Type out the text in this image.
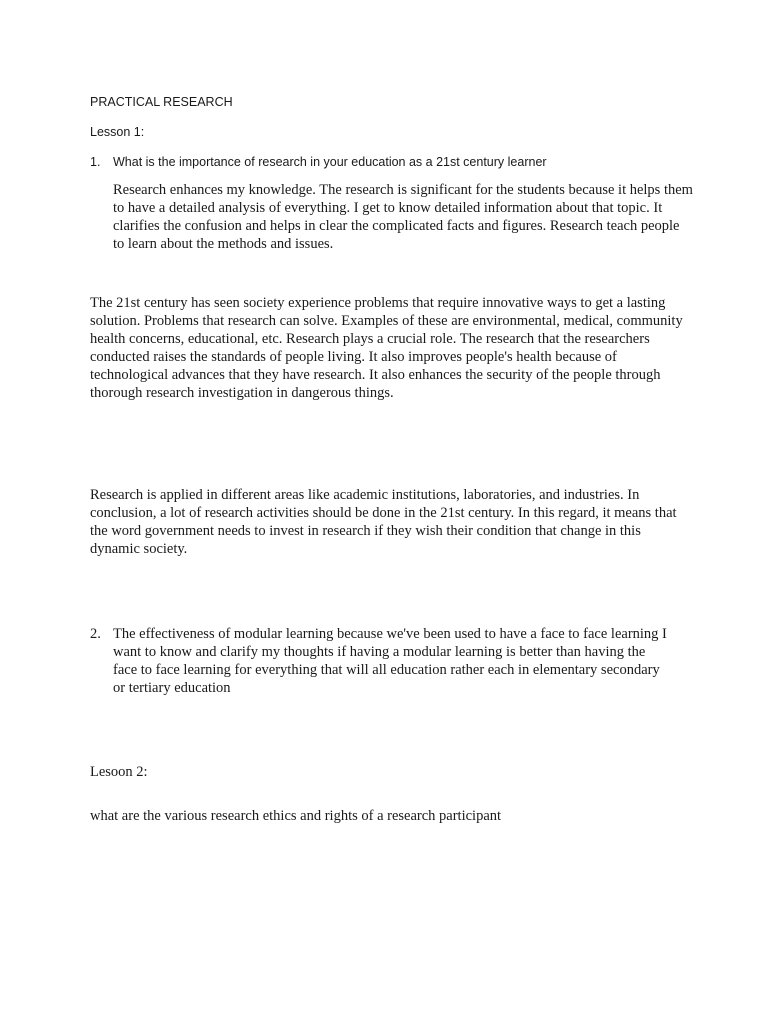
PRACTICAL RESEARCH
Lesson 1:
1. What is the importance of research in your education as a 21st century learner

Research enhances my knowledge. The research is significant for the students because it helps them to have a detailed analysis of everything. I get to know detailed information about that topic. It clarifies the confusion and helps in clear the complicated facts and figures. Research teach people to learn about the methods and issues.

The 21st century has seen society experience problems that require innovative ways to get a lasting solution. Problems that research can solve. Examples of these are environmental, medical, community health concerns, educational, etc. Research plays a crucial role. The research that the researchers conducted raises the standards of people living. It also improves people's health because of technological advances that they have research. It also enhances the security of the people through thorough research investigation in dangerous things.

Research is applied in different areas like academic institutions, laboratories, and industries. In conclusion, a lot of research activities should be done in the 21st century. In this regard, it means that the word government needs to invest in research if they wish their condition that change in this dynamic society.

2. The effectiveness of modular learning because we've been used to have a face to face learning I want to know and clarify my thoughts if having a modular learning is better than having the face to face learning for everything that will all education rather each in elementary secondary or tertiary education

Lesoon 2:
what are the various research ethics and rights of a research participant
